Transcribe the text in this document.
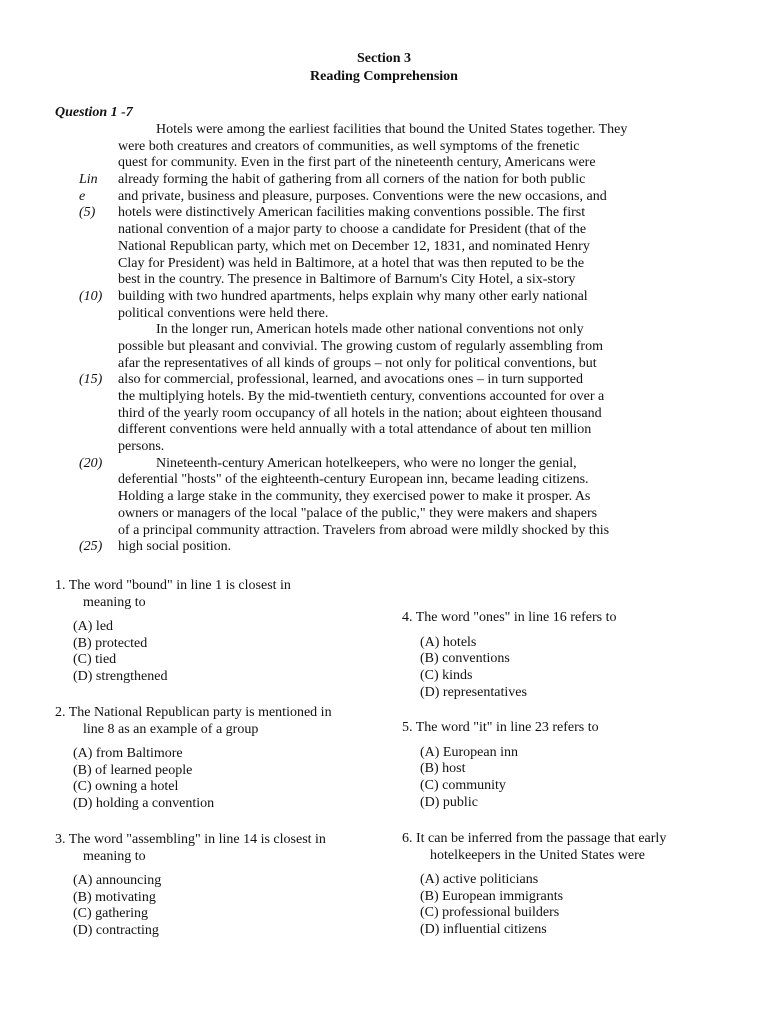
Section 3
Reading Comprehension
Question 1 -7
Hotels were among the earliest facilities that bound the United States together. They
were both creatures and creators of communities, as well symptoms of the frenetic
quest for community. Even in the first part of the nineteenth century, Americans were
Lin already forming the habit of gathering from all corners of the nation for both public
e and private, business and pleasure, purposes. Conventions were the new occasions, and
(5) hotels were distinctively American facilities making conventions possible. The first
national convention of a major party to choose a candidate for President (that of the
National Republican party, which met on December 12, 1831, and nominated Henry
Clay for President) was held in Baltimore, at a hotel that was then reputed to be the
best in the country. The presence in Baltimore of Barnum's City Hotel, a six-story
(10) building with two hundred apartments, helps explain why many other early national
political conventions were held there.
In the longer run, American hotels made other national conventions not only
possible but pleasant and convivial. The growing custom of regularly assembling from
afar the representatives of all kinds of groups – not only for political conventions, but
(15) also for commercial, professional, learned, and avocations ones – in turn supported
the multiplying hotels. By the mid-twentieth century, conventions accounted for over a
third of the yearly room occupancy of all hotels in the nation; about eighteen thousand
different conventions were held annually with a total attendance of about ten million
persons.
(20)	Nineteenth-century American hotelkeepers, who were no longer the genial,
deferential "hosts" of the eighteenth-century European inn, became leading citizens.
Holding a large stake in the community, they exercised power to make it prosper. As
owners or managers of the local "palace of the public," they were makers and shapers
of a principal community attraction. Travelers from abroad were mildly shocked by this
(25) high social position.
1. The word "bound" in line 1 is closest in
meaning to
(A) led
(B) protected
(C) tied
(D) strengthened
2. The National Republican party is mentioned in
line 8 as an example of a group
(A) from Baltimore
(B) of learned people
(C) owning a hotel
(D) holding a convention
3. The word "assembling" in line 14 is closest in
meaning to
(A) announcing
(B) motivating
(C) gathering
(D) contracting
4. The word "ones" in line 16 refers to
(A) hotels
(B) conventions
(C) kinds
(D) representatives
5. The word "it" in line 23 refers to
(A) European inn
(B) host
(C) community
(D) public
6. It can be inferred from the passage that early
hotelkeepers in the United States were
(A) active politicians
(B) European immigrants
(C) professional builders
(D) influential citizens
